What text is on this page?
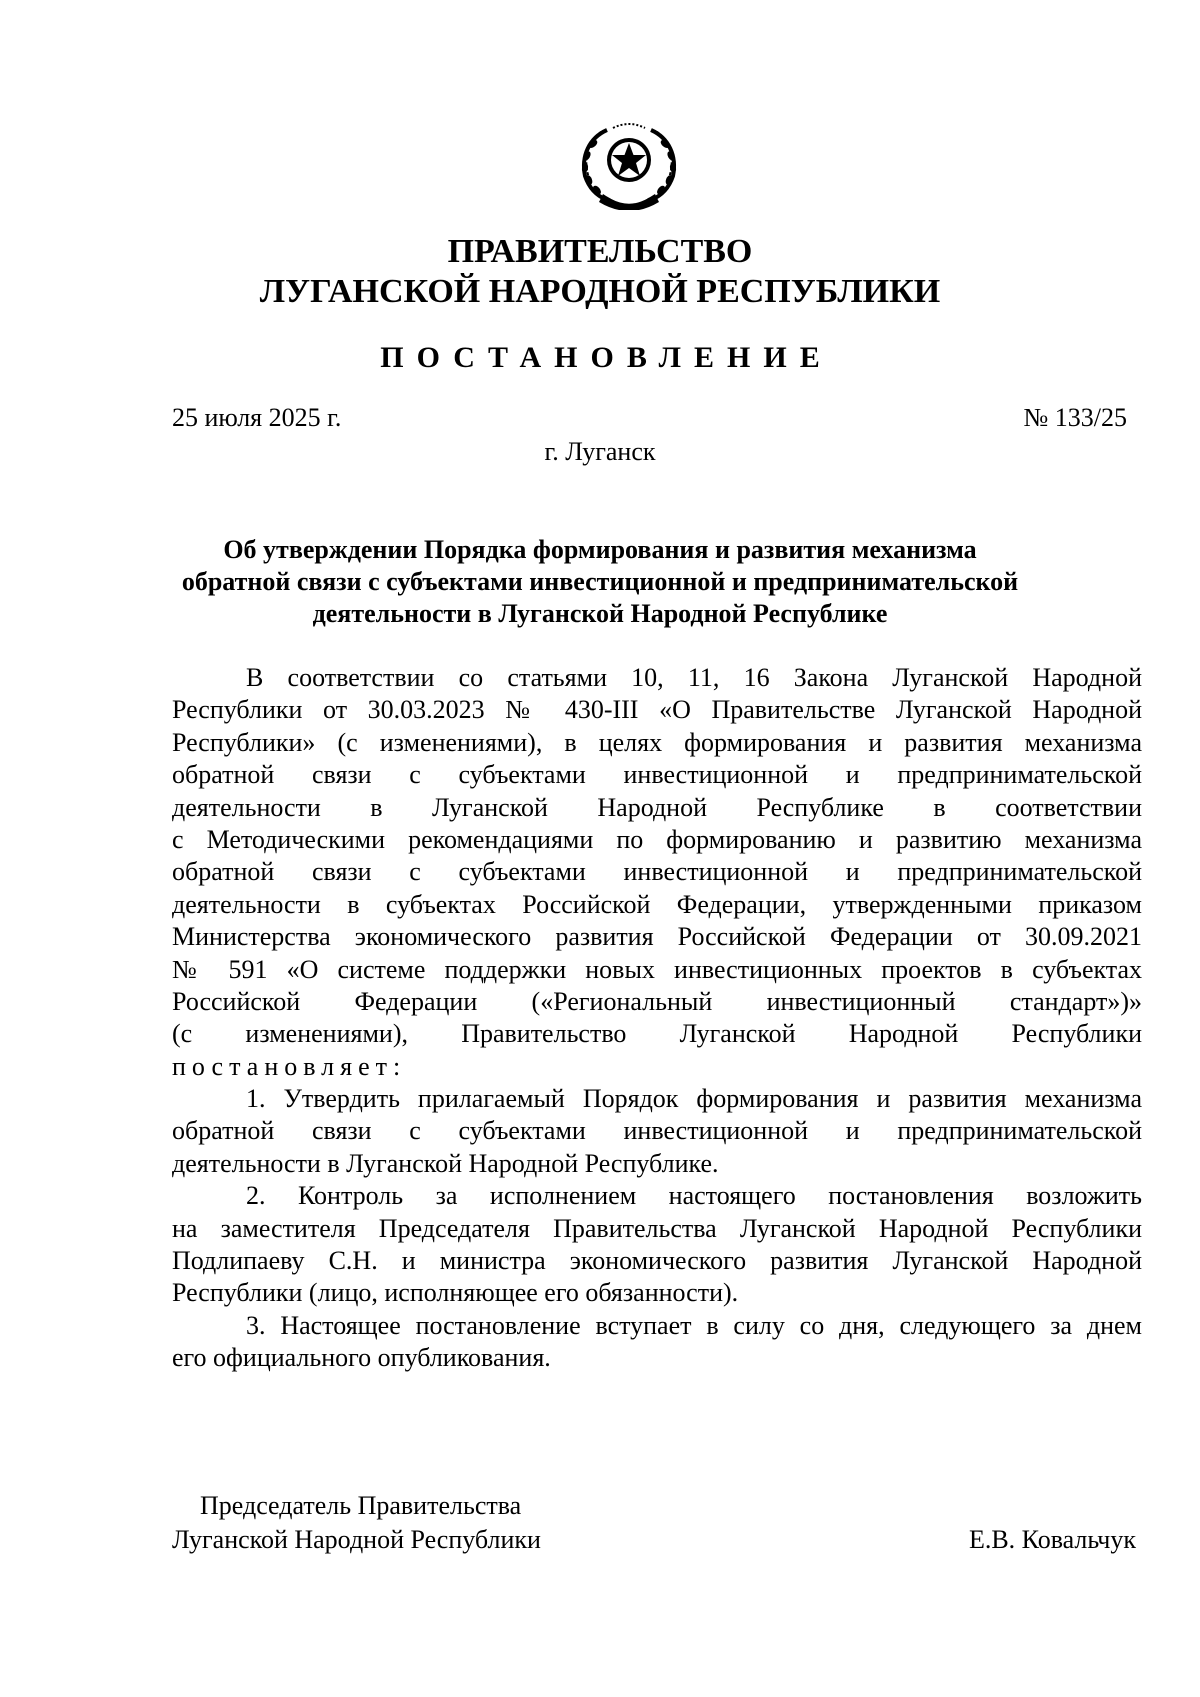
ПРАВИТЕЛЬСТВО
ЛУГАНСКОЙ НАРОДНОЙ РЕСПУБЛИКИ
ПОСТАНОВЛЕНИЕ
25 июля 2025 г.	№ 133/25
г. Луганск
Об утверждении Порядка формирования и развития механизма
обратной связи с субъектами инвестиционной и предпринимательской
деятельности в Луганской Народной Республике
В соответствии со статьями 10, 11, 16 Закона Луганской Народной
Республики от 30.03.2023 № 430-III «О Правительстве Луганской Народной
Республики» (с изменениями), в целях формирования и развития механизма
обратной связи с субъектами инвестиционной и предпринимательской
деятельности в Луганской Народной Республике в соответствии
с Методическими рекомендациями по формированию и развитию механизма
обратной связи с субъектами инвестиционной и предпринимательской
деятельности в субъектах Российской Федерации, утвержденными приказом
Министерства экономического развития Российской Федерации от 30.09.2021
№ 591 «О системе поддержки новых инвестиционных проектов в субъектах
Российской Федерации («Региональный инвестиционный стандарт»)»
(с изменениями), Правительство Луганской Народной Республики
постановляет:
1. Утвердить прилагаемый Порядок формирования и развития механизма
обратной связи с субъектами инвестиционной и предпринимательской
деятельности в Луганской Народной Республике.
2. Контроль за исполнением настоящего постановления возложить
на заместителя Председателя Правительства Луганской Народной Республики
Подлипаеву С.Н. и министра экономического развития Луганской Народной
Республики (лицо, исполняющее его обязанности).
3. Настоящее постановление вступает в силу со дня, следующего за днем
его официального опубликования.
Председатель Правительства
Луганской Народной Республики	Е.В. Ковальчук
